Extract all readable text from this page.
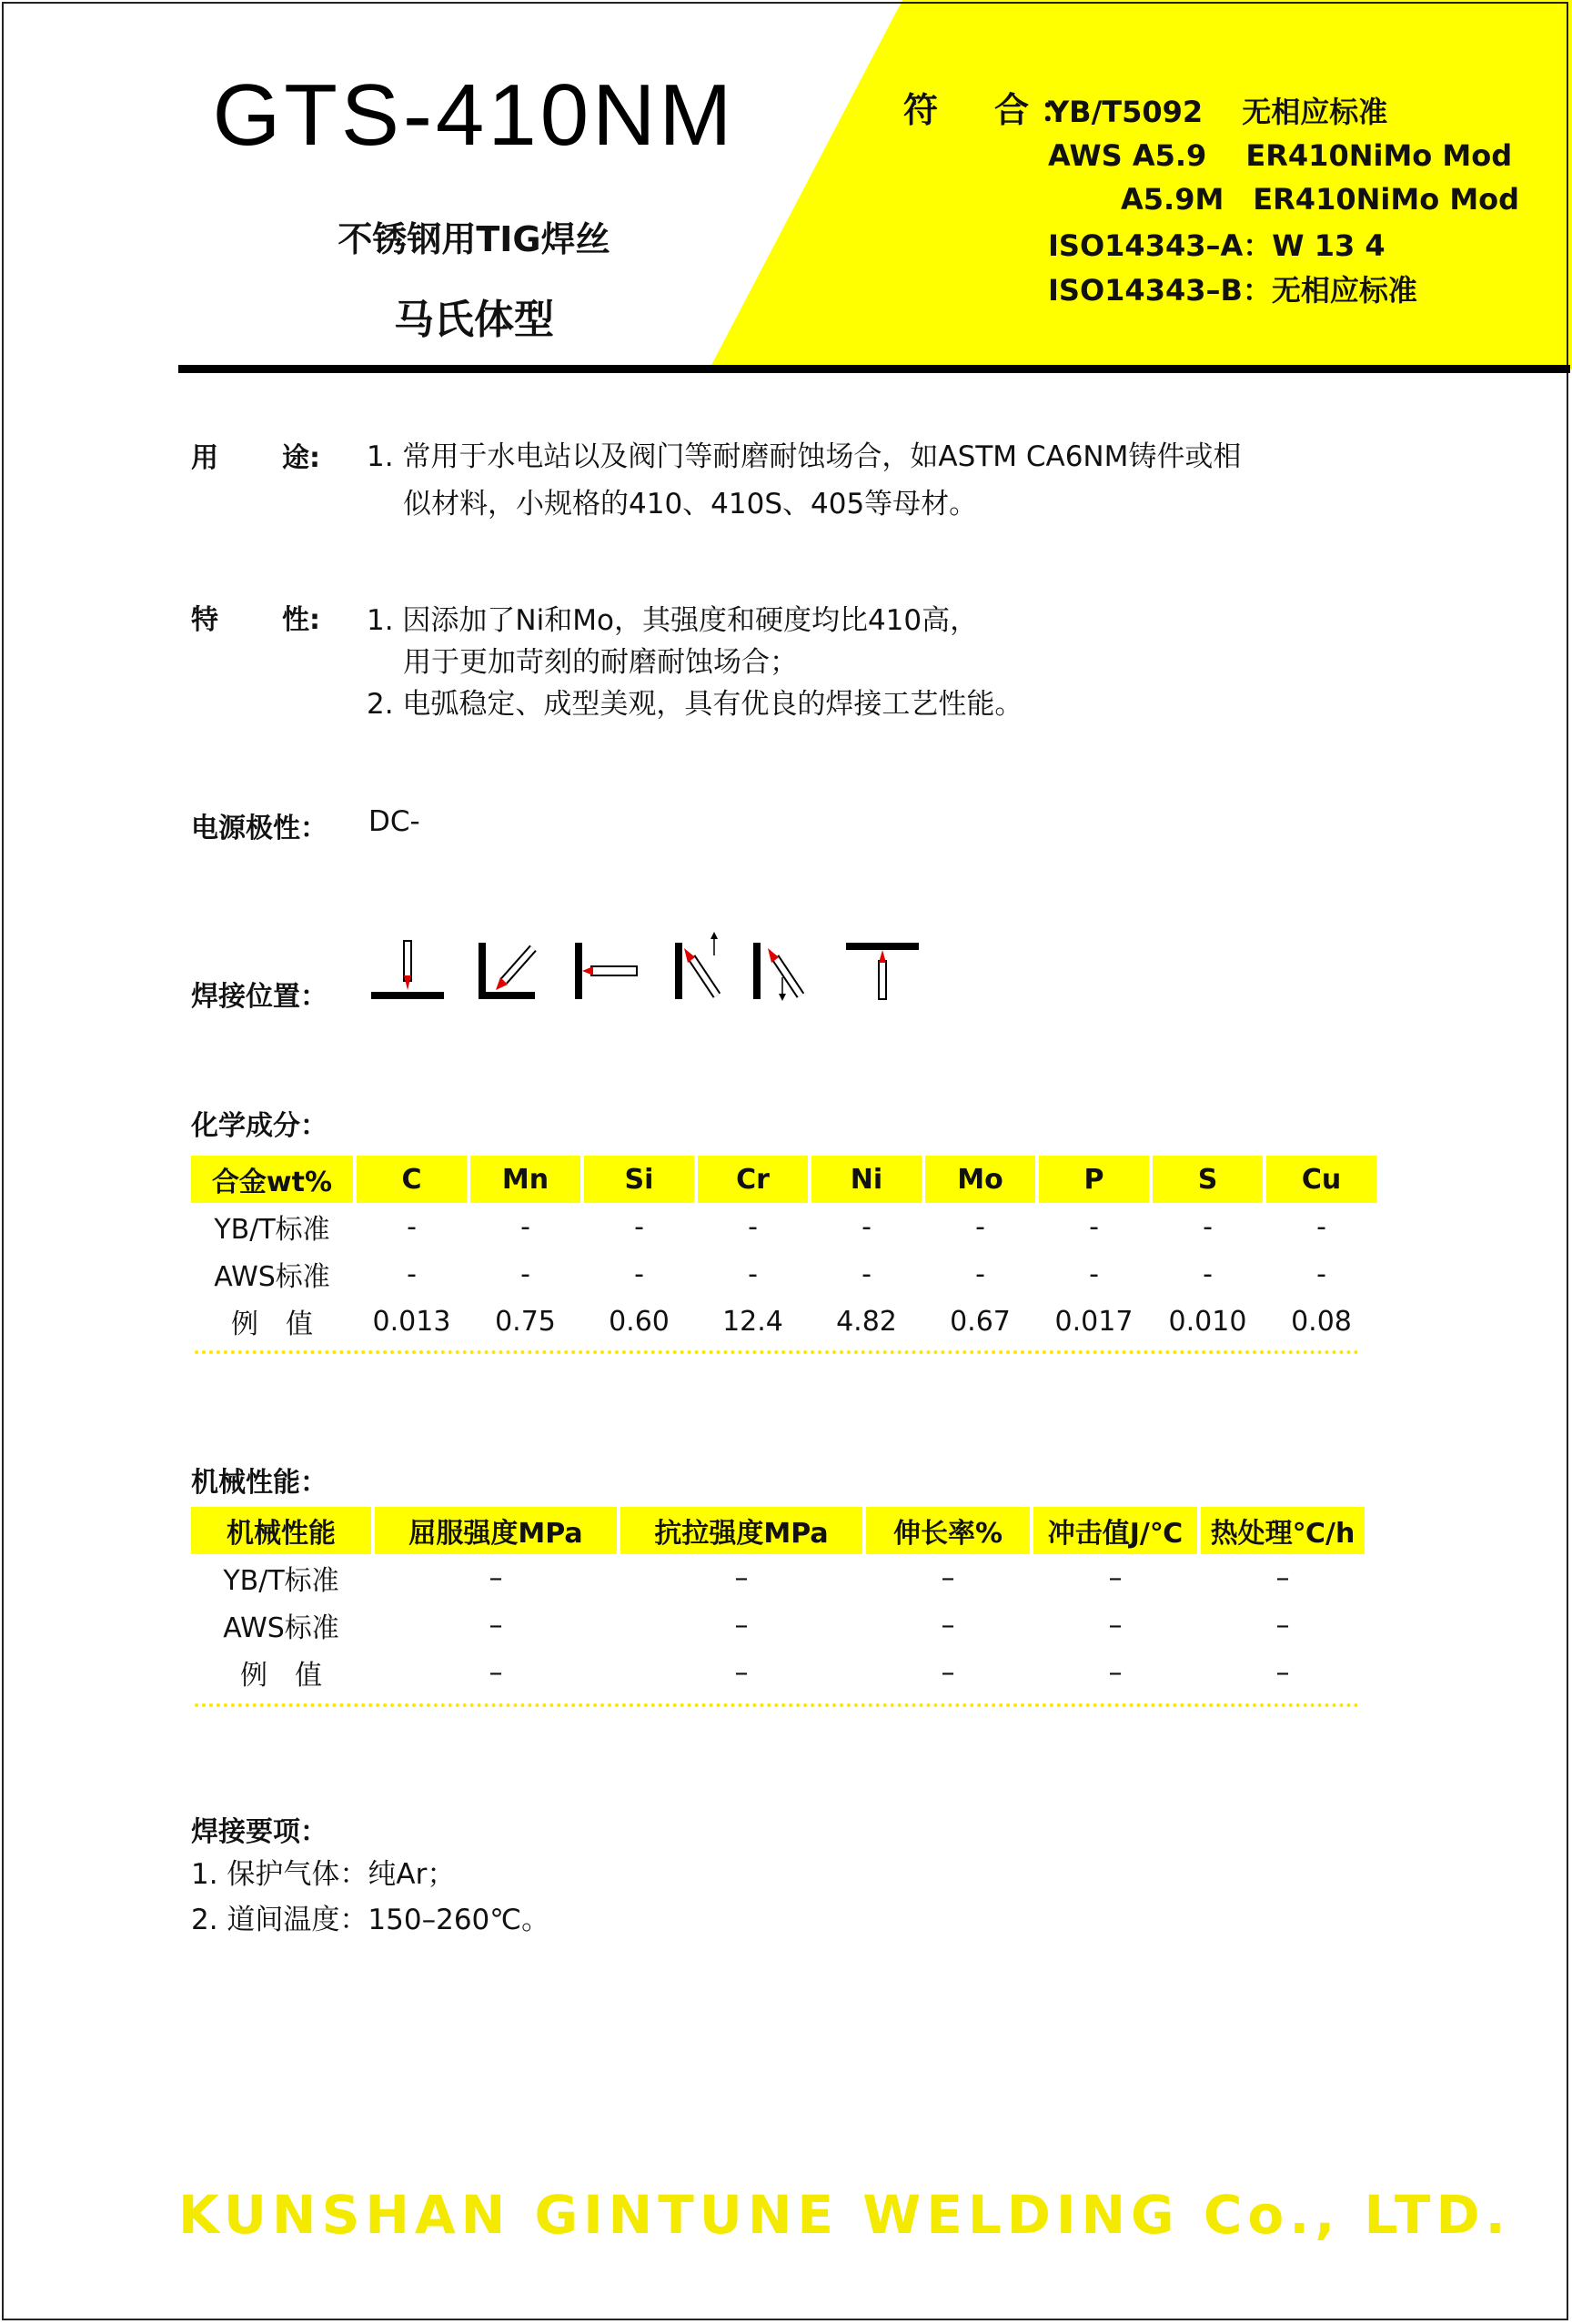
GTS-410NM
不锈钢用TIG焊丝
马氏体型
符　合：
YB/T5092　 无相应标准
AWS A5.9　 ER410NiMo Mod
A5.9M　ER410NiMo Mod
ISO14343–A：W 13 4
ISO14343–B：无相应标准
用 途: 1. 常用于水电站以及阀门等耐磨耐蚀场合，如ASTM CA6NM铸件或相
似材料，小规格的410、410S、405等母材。
特 性: 1. 因添加了Ni和Mo，其强度和硬度均比410高，
用于更加苛刻的耐磨耐蚀场合；
2. 电弧稳定、成型美观，具有优良的焊接工艺性能。
电源极性： DC-
焊接位置：
化学成分：
合金wt%	C	Mn	Si	Cr	Ni	Mo	P	S	Cu
YB/T标准	-	-	-	-	-	-	-	-	-
AWS标准	-	-	-	-	-	-	-	-	-
例　值	0.013	0.75	0.60	12.4	4.82	0.67	0.017	0.010	0.08
机械性能：
机械性能	屈服强度MPa	抗拉强度MPa	伸长率%	冲击值J/℃	热处理℃/h
YB/T标准	–	–	–	–	–
AWS标准	–	–	–	–	–
例　值	–	–	–	–	–
焊接要项：
1. 保护气体：纯Ar；
2. 道间温度：150–260℃。
KUNSHAN GINTUNE WELDING Co., LTD.
